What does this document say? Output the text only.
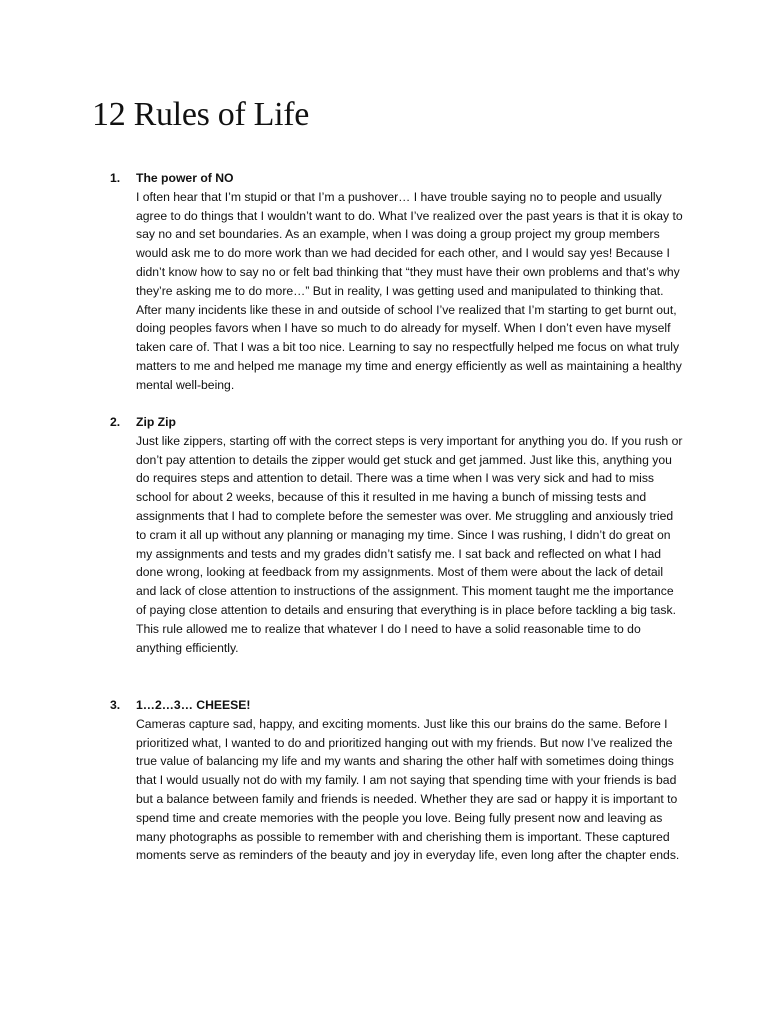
12 Rules of Life
1. The power of NO

I often hear that I’m stupid or that I’m a pushover… I have trouble saying no to people and usually agree to do things that I wouldn’t want to do. What I’ve realized over the past years is that it is okay to say no and set boundaries. As an example, when I was doing a group project my group members would ask me to do more work than we had decided for each other, and I would say yes! Because I didn’t know how to say no or felt bad thinking that “they must have their own problems and that’s why they’re asking me to do more…” But in reality, I was getting used and manipulated to thinking that. After many incidents like these in and outside of school I’ve realized that I’m starting to get burnt out, doing peoples favors when I have so much to do already for myself. When I don’t even have myself taken care of. That I was a bit too nice. Learning to say no respectfully helped me focus on what truly matters to me and helped me manage my time and energy efficiently as well as maintaining a healthy mental well-being.

2. Zip Zip

Just like zippers, starting off with the correct steps is very important for anything you do. If you rush or don’t pay attention to details the zipper would get stuck and get jammed. Just like this, anything you do requires steps and attention to detail. There was a time when I was very sick and had to miss school for about 2 weeks, because of this it resulted in me having a bunch of missing tests and assignments that I had to complete before the semester was over. Me struggling and anxiously tried to cram it all up without any planning or managing my time. Since I was rushing, I didn’t do great on my assignments and tests and my grades didn’t satisfy me. I sat back and reflected on what I had done wrong, looking at feedback from my assignments. Most of them were about the lack of detail and lack of close attention to instructions of the assignment. This moment taught me the importance of paying close attention to details and ensuring that everything is in place before tackling a big task. This rule allowed me to realize that whatever I do I need to have a solid reasonable time to do anything efficiently.

3. 1…2…3… CHEESE!

Cameras capture sad, happy, and exciting moments. Just like this our brains do the same. Before I prioritized what, I wanted to do and prioritized hanging out with my friends. But now I’ve realized the true value of balancing my life and my wants and sharing the other half with sometimes doing things that I would usually not do with my family. I am not saying that spending time with your friends is bad but a balance between family and friends is needed. Whether they are sad or happy it is important to spend time and create memories with the people you love. Being fully present now and leaving as many photographs as possible to remember with and cherishing them is important. These captured moments serve as reminders of the beauty and joy in everyday life, even long after the chapter ends.
